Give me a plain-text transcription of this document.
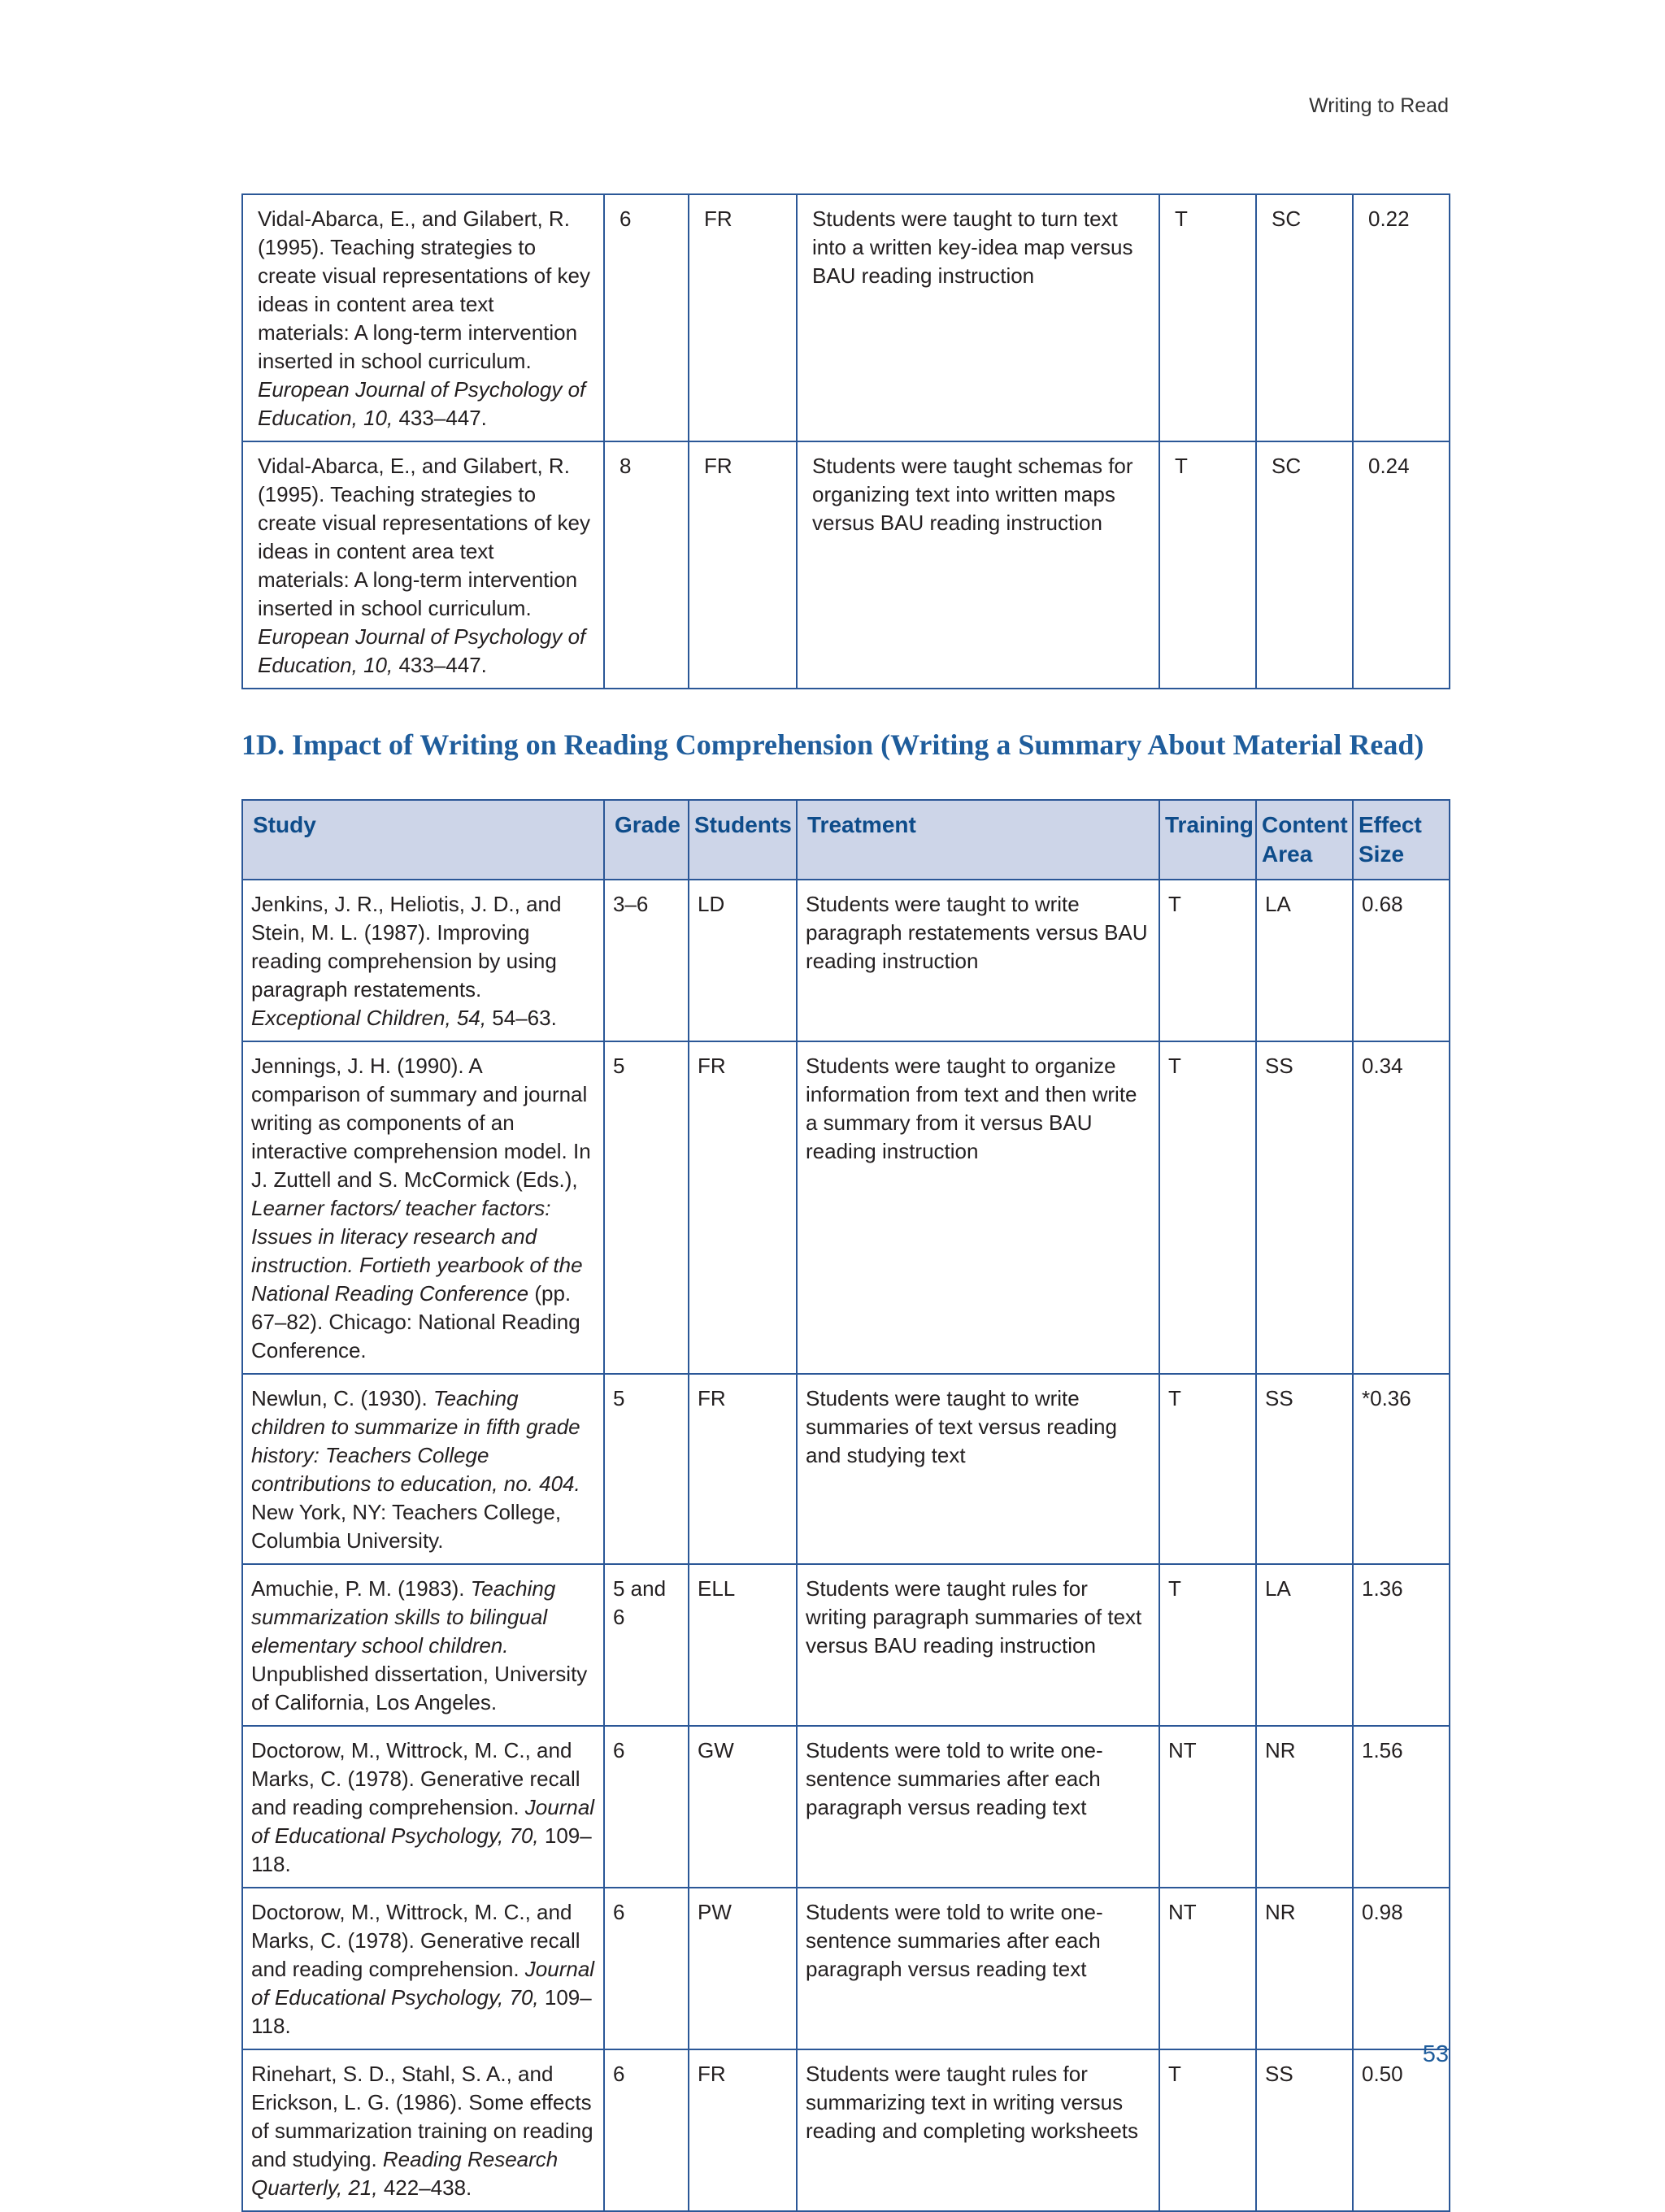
Writing to Read
Vidal-Abarca, E., and Gilabert, R. (1995). Teaching strategies to create visual representations of key ideas in content area text materials: A long-term intervention inserted in school curriculum. European Journal of Psychology of Education, 10, 433–447.	6	FR	Students were taught to turn text into a written key-idea map versus BAU reading instruction	T	SC	0.22
Vidal-Abarca, E., and Gilabert, R. (1995). Teaching strategies to create visual representations of key ideas in content area text materials: A long-term intervention inserted in school curriculum. European Journal of Psychology of Education, 10, 433–447.	8	FR	Students were taught schemas for organizing text into written maps versus BAU reading instruction	T	SC	0.24
1D. Impact of Writing on Reading Comprehension (Writing a Summary About Material Read)
Study	Grade	Students	Treatment	Training	Content Area	Effect Size
Jenkins, J. R., Heliotis, J. D., and Stein, M. L. (1987). Improving reading comprehension by using paragraph restatements. Exceptional Children, 54, 54–63.	3–6	LD	Students were taught to write paragraph restatements versus BAU reading instruction	T	LA	0.68
Jennings, J. H. (1990). A comparison of summary and journal writing as components of an interactive comprehension model. In J. Zuttell and S. McCormick (Eds.), Learner factors/ teacher factors: Issues in literacy research and instruction. Fortieth yearbook of the National Reading Conference (pp. 67–82). Chicago: National Reading Conference.	5	FR	Students were taught to organize information from text and then write a summary from it versus BAU reading instruction	T	SS	0.34
Newlun, C. (1930). Teaching children to summarize in fifth grade history: Teachers College contributions to education, no. 404. New York, NY: Teachers College, Columbia University.	5	FR	Students were taught to write summaries of text versus reading and studying text	T	SS	*0.36
Amuchie, P. M. (1983). Teaching summarization skills to bilingual elementary school children. Unpublished dissertation, University of California, Los Angeles.	5 and 6	ELL	Students were taught rules for writing paragraph summaries of text versus BAU reading instruction	T	LA	1.36
Doctorow, M., Wittrock, M. C., and Marks, C. (1978). Generative recall and reading comprehension. Journal of Educational Psychology, 70, 109–118.	6	GW	Students were told to write one-sentence summaries after each paragraph versus reading text	NT	NR	1.56
Doctorow, M., Wittrock, M. C., and Marks, C. (1978). Generative recall and reading comprehension. Journal of Educational Psychology, 70, 109–118.	6	PW	Students were told to write one-sentence summaries after each paragraph versus reading text	NT	NR	0.98
Rinehart, S. D., Stahl, S. A., and Erickson, L. G. (1986). Some effects of summarization training on reading and studying. Reading Research Quarterly, 21, 422–438.	6	FR	Students were taught rules for summarizing text in writing versus reading and completing worksheets	T	SS	0.50
53
